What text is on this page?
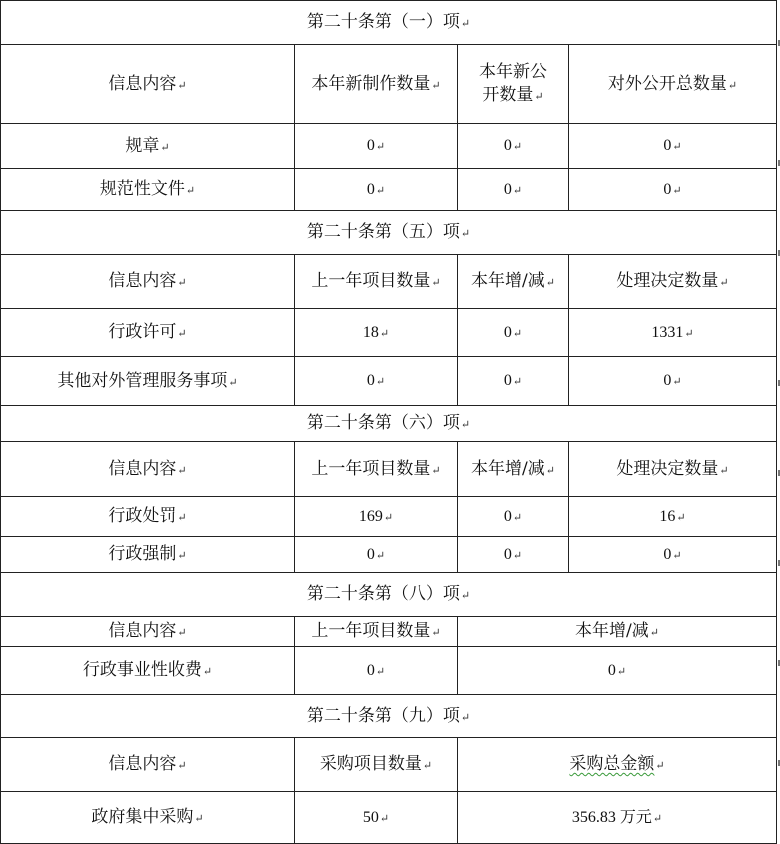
第二十条第（一）项↵			
信息内容↵	本年新制作数量↵	本年新公开数量↵	对外公开总数量↵
规章↵	0↵	0↵	0↵
规范性文件↵	0↵	0↵	0↵
第二十条第（五）项↵			
信息内容↵	上一年项目数量↵	本年增/减↵	处理决定数量↵
行政许可↵	18↵	0↵	1331↵
其他对外管理服务事项↵	0↵	0↵	0↵
第二十条第（六）项↵			
信息内容↵	上一年项目数量↵	本年增/减↵	处理决定数量↵
行政处罚↵	169↵	0↵	16↵
行政强制↵	0↵	0↵	0↵
第二十条第（八）项↵			
信息内容↵	上一年项目数量↵	本年增/减↵	
行政事业性收费↵	0↵	0↵	
第二十条第（九）项↵			
信息内容↵	采购项目数量↵	采购总金额↵	
政府集中采购↵	50↵	356.83 万元↵	
